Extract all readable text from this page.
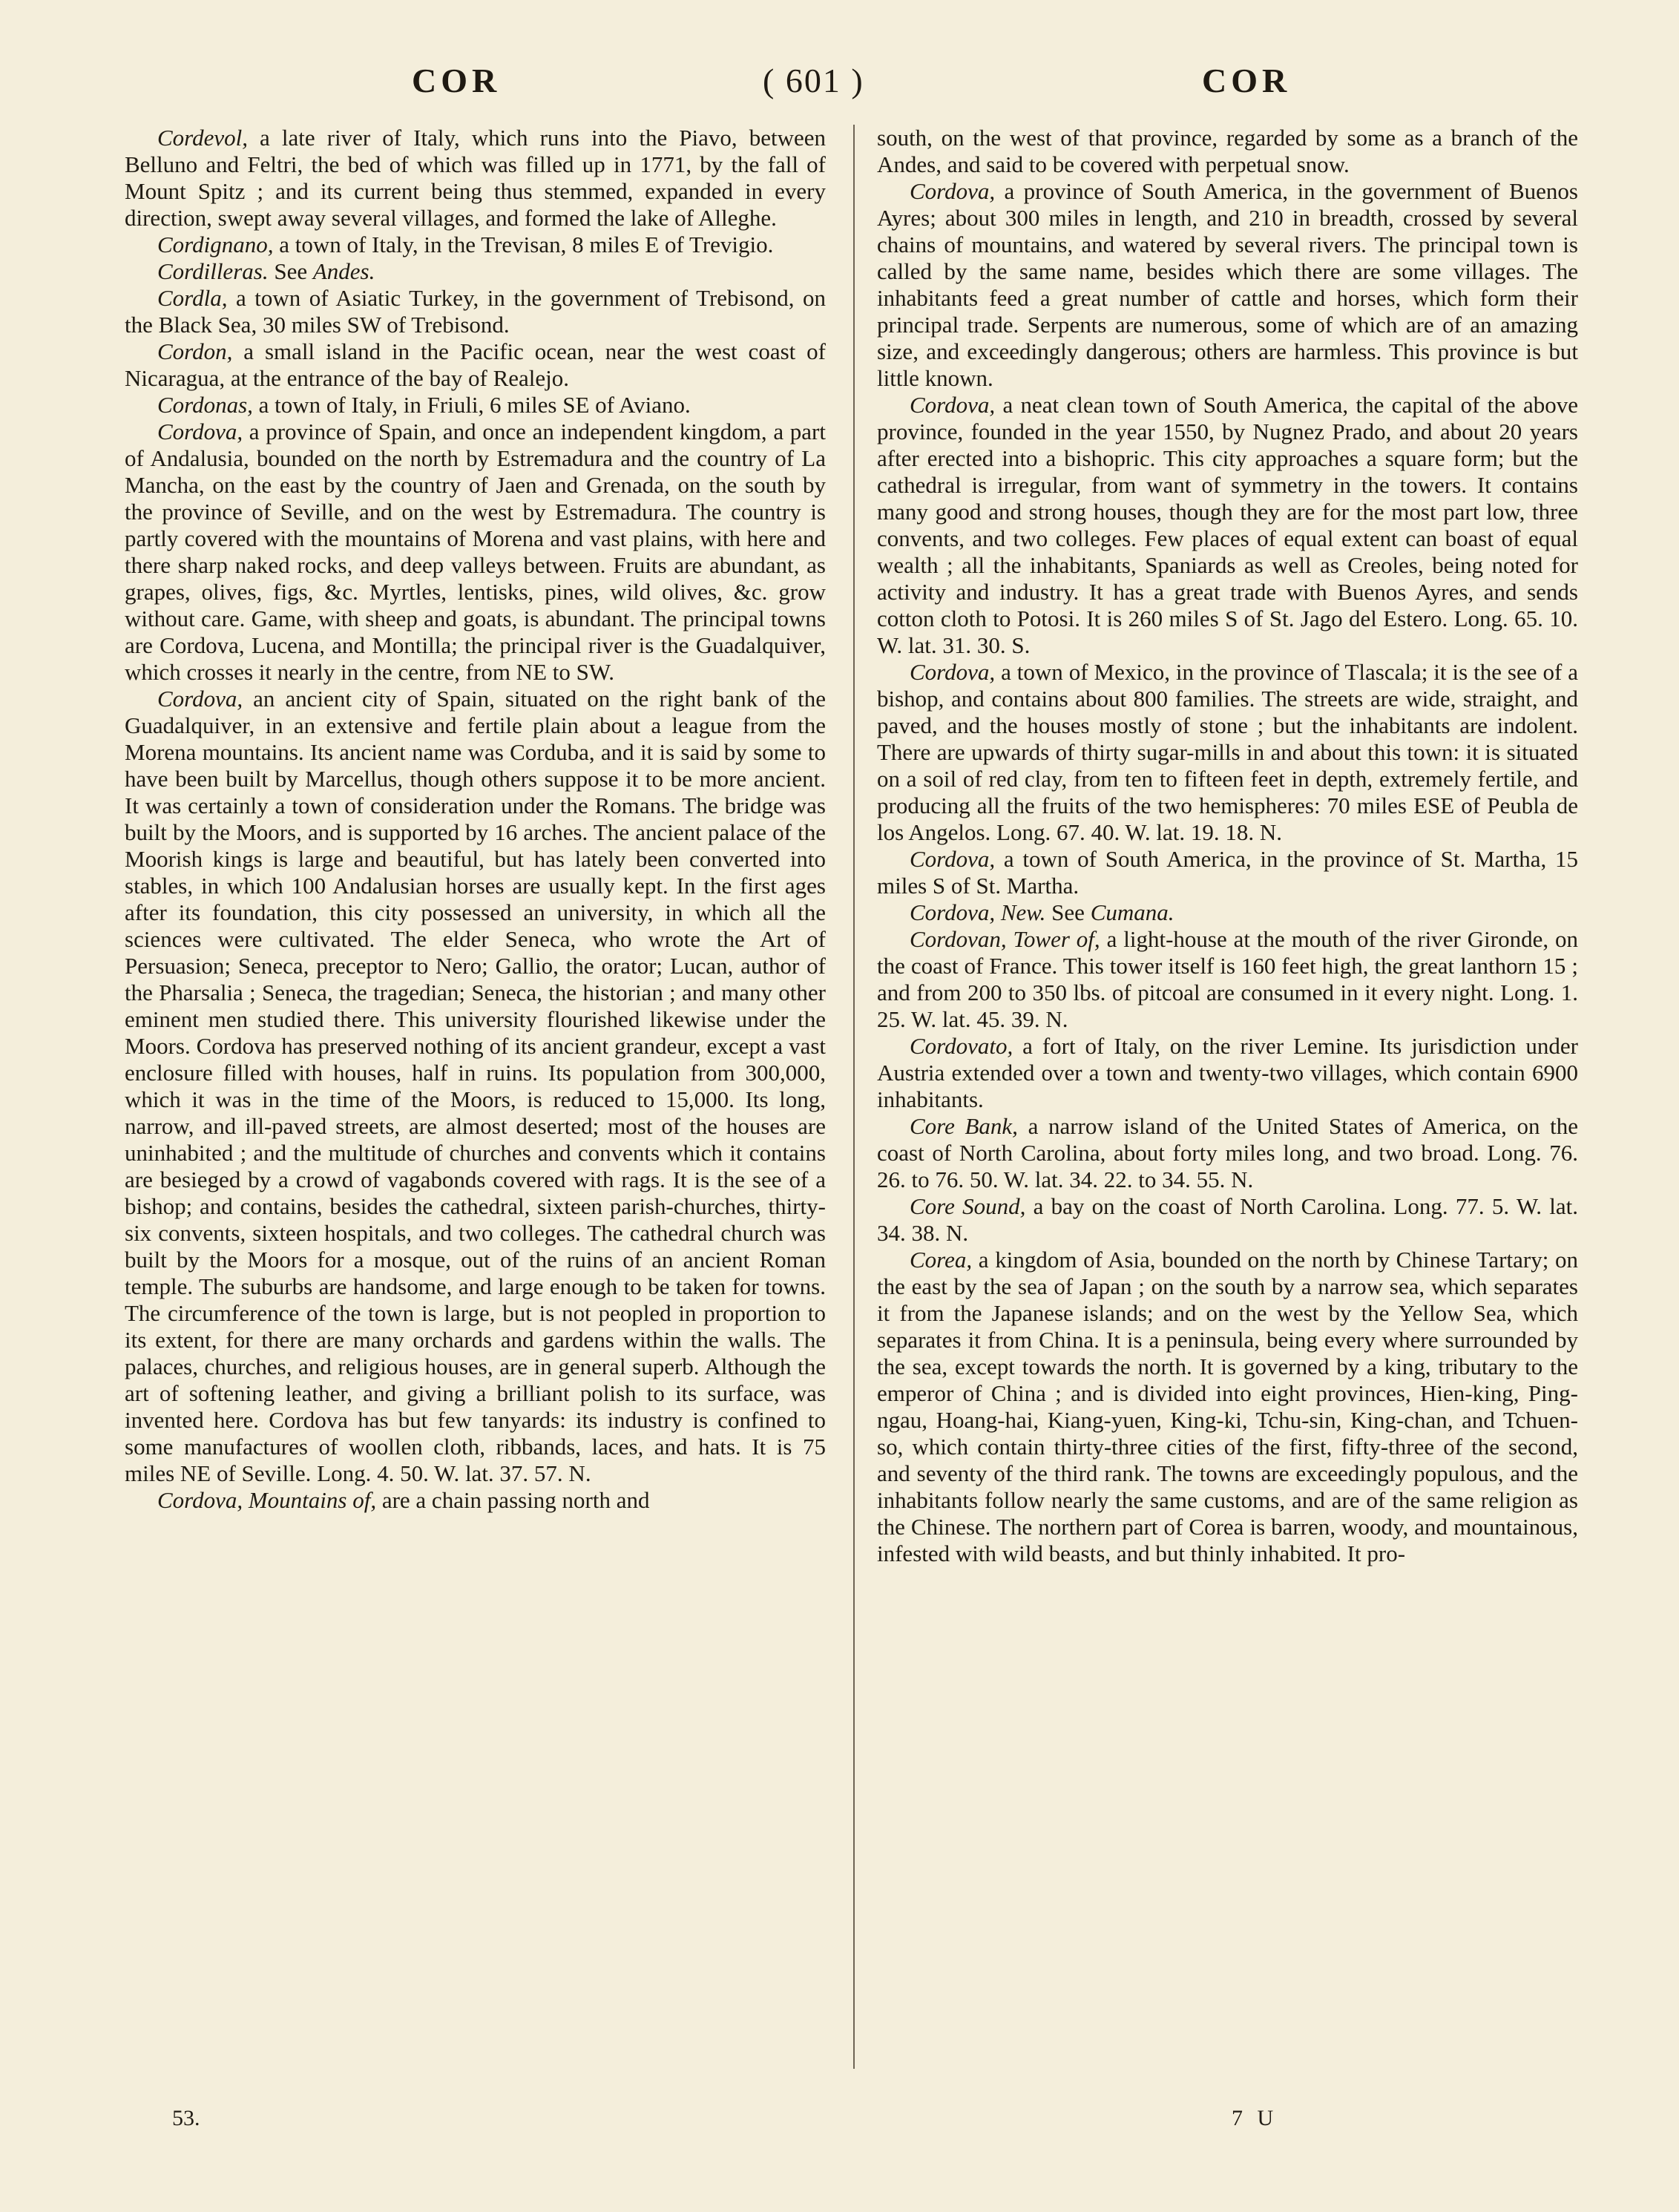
COR	( 601 )	COR

Cordevol, a late river of Italy, which runs into the Piavo, between Belluno and Feltri, the bed of which was filled up in 1771, by the fall of Mount Spitz ; and its current being thus stemmed, expanded in every direction, swept away several villages, and formed the lake of Alleghe.

Cordignano, a town of Italy, in the Trevisan, 8 miles E of Trevigio.

Cordilleras. See Andes.

Cordla, a town of Asiatic Turkey, in the government of Trebisond, on the Black Sea, 30 miles SW of Trebisond.

Cordon, a small island in the Pacific ocean, near the west coast of Nicaragua, at the entrance of the bay of Realejo.

Cordonas, a town of Italy, in Friuli, 6 miles SE of Aviano.

Cordova, a province of Spain, and once an independent kingdom, a part of Andalusia, bounded on the north by Estremadura and the country of La Mancha, on the east by the country of Jaen and Grenada, on the south by the province of Seville, and on the west by Estremadura. The country is partly covered with the mountains of Morena and vast plains, with here and there sharp naked rocks, and deep valleys between. Fruits are abundant, as grapes, olives, figs, &c. Myrtles, lentisks, pines, wild olives, &c. grow without care. Game, with sheep and goats, is abundant. The principal towns are Cordova, Lucena, and Montilla; the principal river is the Guadalquiver, which crosses it nearly in the centre, from NE to SW.

Cordova, an ancient city of Spain, situated on the right bank of the Guadalquiver, in an extensive and fertile plain about a league from the Morena mountains. Its ancient name was Corduba, and it is said by some to have been built by Marcellus, though others suppose it to be more ancient. It was certainly a town of consideration under the Romans. The bridge was built by the Moors, and is supported by 16 arches. The ancient palace of the Moorish kings is large and beautiful, but has lately been converted into stables, in which 100 Andalusian horses are usually kept. In the first ages after its foundation, this city possessed an university, in which all the sciences were cultivated. The elder Seneca, who wrote the Art of Persuasion; Seneca, preceptor to Nero; Gallio, the orator; Lucan, author of the Pharsalia ; Seneca, the tragedian; Seneca, the historian ; and many other eminent men studied there. This university flourished likewise under the Moors. Cordova has preserved nothing of its ancient grandeur, except a vast enclosure filled with houses, half in ruins. Its population from 300,000, which it was in the time of the Moors, is reduced to 15,000. Its long, narrow, and ill-paved streets, are almost deserted; most of the houses are uninhabited ; and the multitude of churches and convents which it contains are besieged by a crowd of vagabonds covered with rags. It is the see of a bishop; and contains, besides the cathedral, sixteen parish-churches, thirty-six convents, sixteen hospitals, and two colleges. The cathedral church was built by the Moors for a mosque, out of the ruins of an ancient Roman temple. The suburbs are handsome, and large enough to be taken for towns. The circumference of the town is large, but is not peopled in proportion to its extent, for there are many orchards and gardens within the walls. The palaces, churches, and religious houses, are in general superb. Although the art of softening leather, and giving a brilliant polish to its surface, was invented here. Cordova has but few tanyards: its industry is confined to some manufactures of woollen cloth, ribbands, laces, and hats. It is 75 miles NE of Seville. Long. 4. 50. W. lat. 37. 57. N.

Cordova, Mountains of, are a chain passing north and

south, on the west of that province, regarded by some as a branch of the Andes, and said to be covered with perpetual snow.

Cordova, a province of South America, in the government of Buenos Ayres; about 300 miles in length, and 210 in breadth, crossed by several chains of mountains, and watered by several rivers. The principal town is called by the same name, besides which there are some villages. The inhabitants feed a great number of cattle and horses, which form their principal trade. Serpents are numerous, some of which are of an amazing size, and exceedingly dangerous; others are harmless. This province is but little known.

Cordova, a neat clean town of South America, the capital of the above province, founded in the year 1550, by Nugnez Prado, and about 20 years after erected into a bishopric. This city approaches a square form; but the cathedral is irregular, from want of symmetry in the towers. It contains many good and strong houses, though they are for the most part low, three convents, and two colleges. Few places of equal extent can boast of equal wealth ; all the inhabitants, Spaniards as well as Creoles, being noted for activity and industry. It has a great trade with Buenos Ayres, and sends cotton cloth to Potosi. It is 260 miles S of St. Jago del Estero. Long. 65. 10. W. lat. 31. 30. S.

Cordova, a town of Mexico, in the province of Tlascala; it is the see of a bishop, and contains about 800 families. The streets are wide, straight, and paved, and the houses mostly of stone ; but the inhabitants are indolent. There are upwards of thirty sugar-mills in and about this town: it is situated on a soil of red clay, from ten to fifteen feet in depth, extremely fertile, and producing all the fruits of the two hemispheres: 70 miles ESE of Peubla de los Angelos. Long. 67. 40. W. lat. 19. 18. N.

Cordova, a town of South America, in the province of St. Martha, 15 miles S of St. Martha.

Cordova, New. See Cumana.

Cordovan, Tower of, a light-house at the mouth of the river Gironde, on the coast of France. This tower itself is 160 feet high, the great lanthorn 15 ; and from 200 to 350 lbs. of pitcoal are consumed in it every night. Long. 1. 25. W. lat. 45. 39. N.

Cordovato, a fort of Italy, on the river Lemine. Its jurisdiction under Austria extended over a town and twenty-two villages, which contain 6900 inhabitants.

Core Bank, a narrow island of the United States of America, on the coast of North Carolina, about forty miles long, and two broad. Long. 76. 26. to 76. 50. W. lat. 34. 22. to 34. 55. N.

Core Sound, a bay on the coast of North Carolina. Long. 77. 5. W. lat. 34. 38. N.

Corea, a kingdom of Asia, bounded on the north by Chinese Tartary; on the east by the sea of Japan ; on the south by a narrow sea, which separates it from the Japanese islands; and on the west by the Yellow Sea, which separates it from China. It is a peninsula, being every where surrounded by the sea, except towards the north. It is governed by a king, tributary to the emperor of China ; and is divided into eight provinces, Hien-king, Ping-ngau, Hoang-hai, Kiang-yuen, King-ki, Tchu-sin, King-chan, and Tchuen-so, which contain thirty-three cities of the first, fifty-three of the second, and seventy of the third rank. The towns are exceedingly populous, and the inhabitants follow nearly the same customs, and are of the same religion as the Chinese. The northern part of Corea is barren, woody, and mountainous, infested with wild beasts, and but thinly inhabited. It pro-

53.	7 U
